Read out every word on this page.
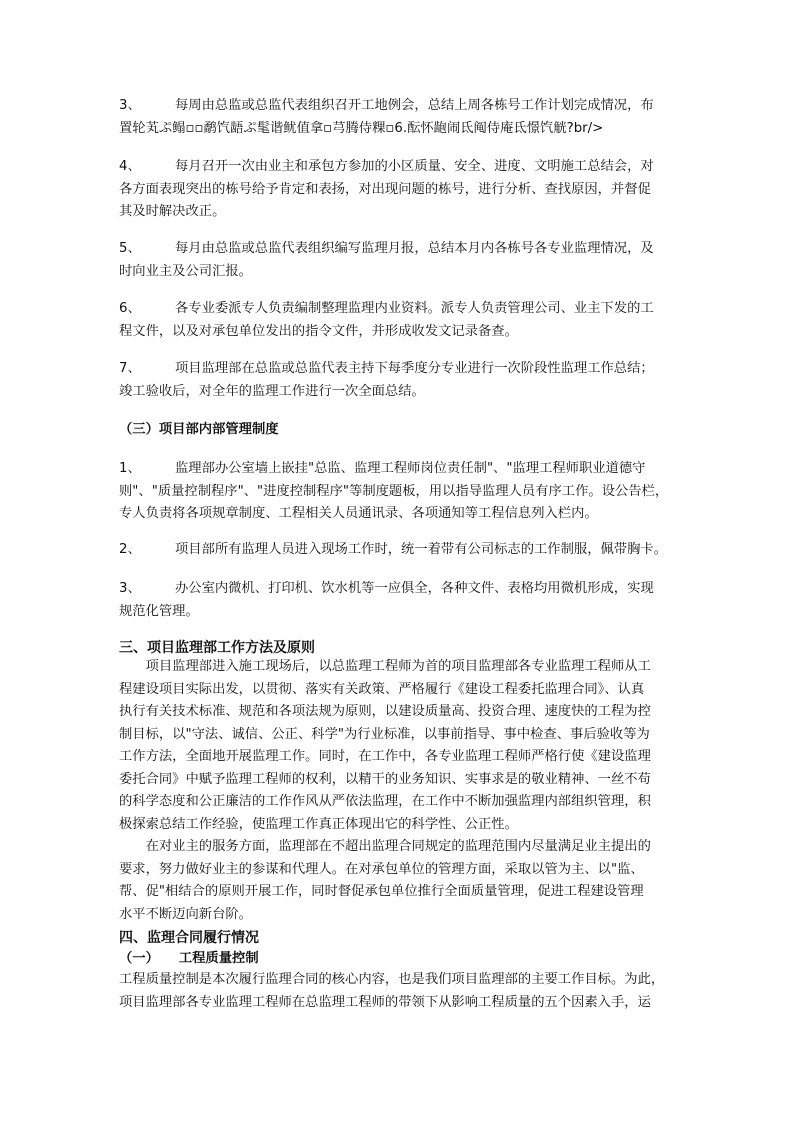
3、	每周由总监或总监代表组织召开工地例会，总结上周各栋号工作计划完成情况，布
置轮芄ぷ鳎▫▫鹬饩龉ぷ髦谐鱿值拿▫芎腾侍粿▫6.酝怀龅闹氐阄侍庵氐憬饩觥?br/>
4、	每月召开一次由业主和承包方参加的小区质量、安全、进度、文明施工总结会，对
各方面表现突出的栋号给予肯定和表扬，对出现问题的栋号，进行分析、查找原因，并督促
其及时解决改正。
5、	每月由总监或总监代表组织编写监理月报，总结本月内各栋号各专业监理情况，及
时向业主及公司汇报。
6、	各专业委派专人负责编制整理监理内业资料。派专人负责管理公司、业主下发的工
程文件，以及对承包单位发出的指令文件，并形成收发文记录备查。
7、	项目监理部在总监或总监代表主持下每季度分专业进行一次阶段性监理工作总结；
竣工验收后，对全年的监理工作进行一次全面总结。
（三）项目部内部管理制度
1、	监理部办公室墙上嵌挂"总监、监理工程师岗位责任制"、"监理工程师职业道德守
则"、"质量控制程序"、"进度控制程序"等制度题板，用以指导监理人员有序工作。设公告栏，
专人负责将各项规章制度、工程相关人员通讯录、各项通知等工程信息列入栏内。
2、	项目部所有监理人员进入现场工作时，统一着带有公司标志的工作制服，佩带胸卡。
3、	办公室内微机、打印机、饮水机等一应俱全，各种文件、表格均用微机形成，实现
规范化管理。
三、项目监理部工作方法及原则
　　项目监理部进入施工现场后，以总监理工程师为首的项目监理部各专业监理工程师从工
程建设项目实际出发，以贯彻、落实有关政策、严格履行《建设工程委托监理合同》、认真
执行有关技术标准、规范和各项法规为原则，以建设质量高、投资合理、速度快的工程为控
制目标，以"守法、诚信、公正、科学"为行业标准，以事前指导、事中检查、事后验收等为
工作方法，全面地开展监理工作。同时，在工作中，各专业监理工程师严格行使《建设监理
委托合同》中赋予监理工程师的权利，以精干的业务知识、实事求是的敬业精神、一丝不苟
的科学态度和公正廉洁的工作作风从严依法监理，在工作中不断加强监理内部组织管理，积
极探索总结工作经验，使监理工作真正体现出它的科学性、公正性。
　　在对业主的服务方面，监理部在不超出监理合同规定的监理范围内尽量满足业主提出的
要求，努力做好业主的参谋和代理人。在对承包单位的管理方面，采取以管为主、以"监、
帮、促"相结合的原则开展工作，同时督促承包单位推行全面质量管理，促进工程建设管理
水平不断迈向新台阶。
四、监理合同履行情况
（一）　　工程质量控制
工程质量控制是本次履行监理合同的核心内容，也是我们项目监理部的主要工作目标。为此，
项目监理部各专业监理工程师在总监理工程师的带领下从影响工程质量的五个因素入手，运
